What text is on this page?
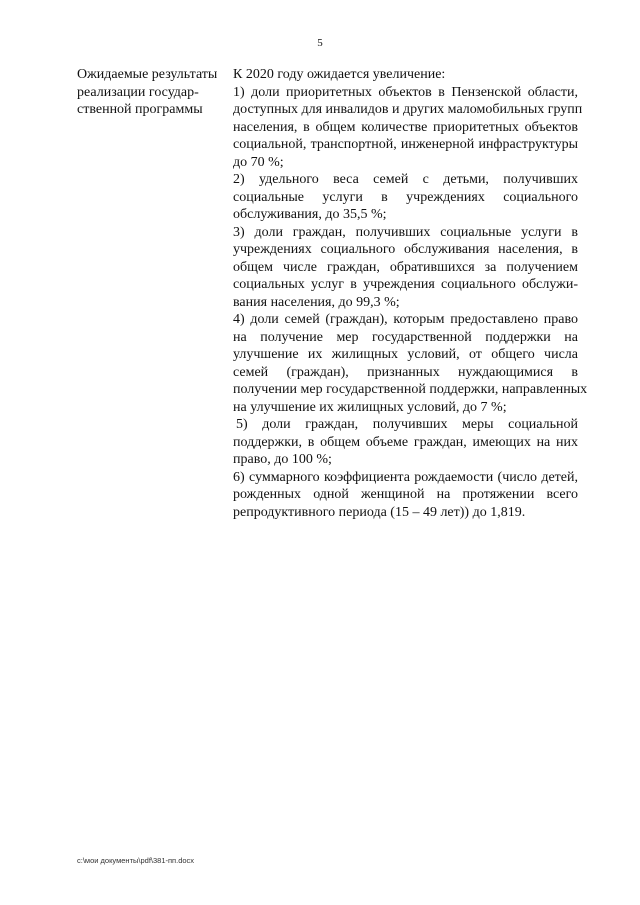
5
Ожидаемые результаты
реализации государ-
ственной программы
К 2020 году ожидается увеличение:
1) доли приоритетных объектов в Пензенской области,
доступных для инвалидов и других маломобильных групп
населения, в общем количестве приоритетных объектов
социальной, транспортной, инженерной инфраструктуры
до 70 %;
2) удельного веса семей с детьми, получивших
социальные услуги в учреждениях социального
обслуживания, до 35,5 %;
3) доли граждан, получивших социальные услуги в
учреждениях социального обслуживания населения, в
общем числе граждан, обратившихся за получением
социальных услуг в учреждения социального обслужи-
вания населения, до 99,3 %;
4) доли семей (граждан), которым предоставлено право
на получение мер государственной поддержки на
улучшение их жилищных условий, от общего числа
семей (граждан), признанных нуждающимися в
получении мер государственной поддержки, направленных
на улучшение их жилищных условий, до 7 %;
5) доли граждан, получивших меры социальной
поддержки, в общем объеме граждан, имеющих на них
право, до 100 %;
6) суммарного коэффициента рождаемости (число детей,
рожденных одной женщиной на протяжении всего
репродуктивного периода (15 – 49 лет)) до 1,819.
c:\мои документы\pdf\381-пп.docx
